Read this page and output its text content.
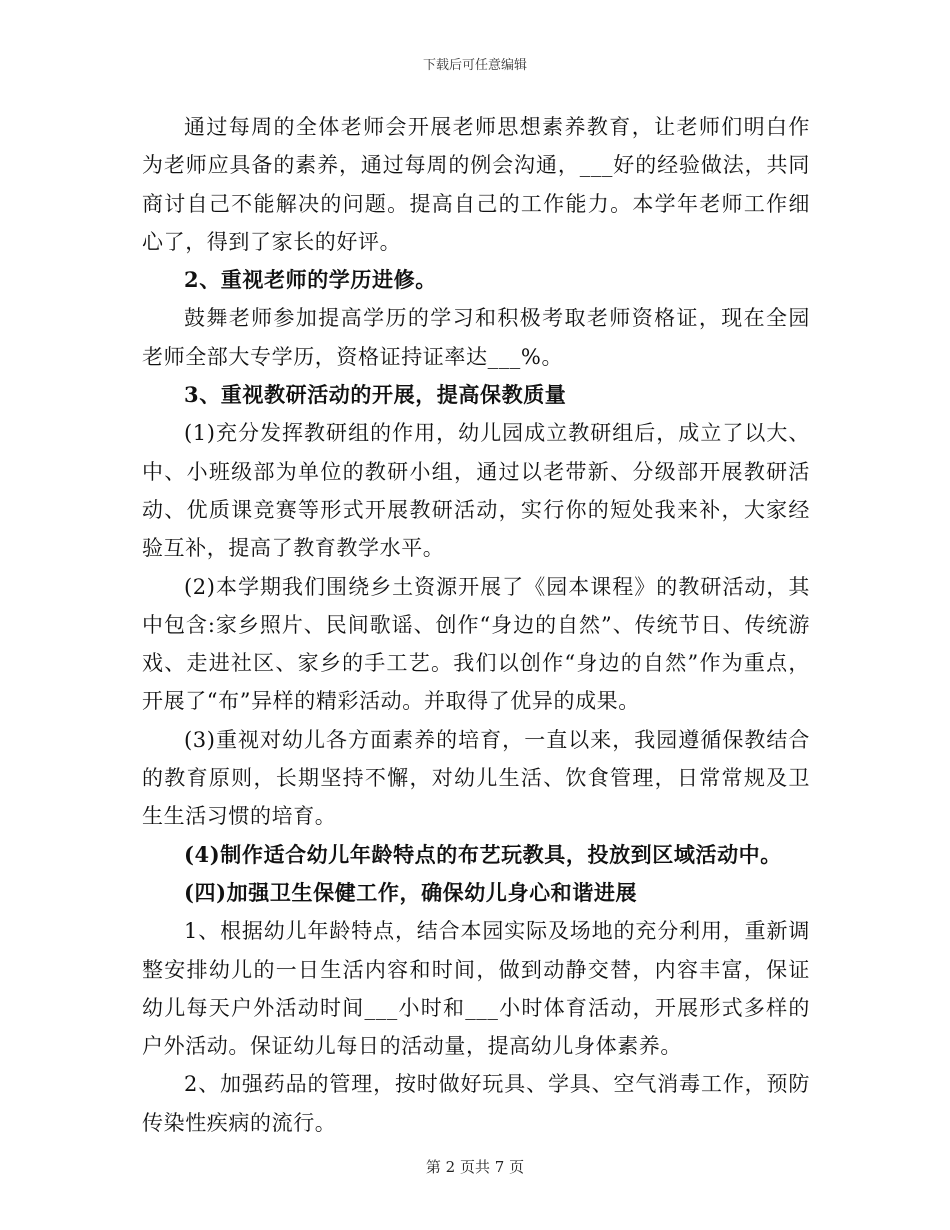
下载后可任意编辑

通过每周的全体老师会开展老师思想素养教育，让老师们明白作为老师应具备的素养，通过每周的例会沟通，___好的经验做法，共同商讨自己不能解决的问题。提高自己的工作能力。本学年老师工作细心了，得到了家长的好评。

2、重视老师的学历进修。

鼓舞老师参加提高学历的学习和积极考取老师资格证，现在全园老师全部大专学历，资格证持证率达___%。

3、重视教研活动的开展，提高保教质量

(1)充分发挥教研组的作用，幼儿园成立教研组后，成立了以大、中、小班级部为单位的教研小组，通过以老带新、分级部开展教研活动、优质课竞赛等形式开展教研活动，实行你的短处我来补，大家经验互补，提高了教育教学水平。

(2)本学期我们围绕乡土资源开展了《园本课程》的教研活动，其中包含:家乡照片、民间歌谣、创作“身边的自然”、传统节日、传统游戏、走进社区、家乡的手工艺。我们以创作“身边的自然”作为重点，开展了“布”异样的精彩活动。并取得了优异的成果。

(3)重视对幼儿各方面素养的培育，一直以来，我园遵循保教结合的教育原则，长期坚持不懈，对幼儿生活、饮食管理，日常常规及卫生生活习惯的培育。

(4)制作适合幼儿年龄特点的布艺玩教具，投放到区域活动中。

(四)加强卫生保健工作，确保幼儿身心和谐进展

1、根据幼儿年龄特点，结合本园实际及场地的充分利用，重新调整安排幼儿的一日生活内容和时间，做到动静交替，内容丰富，保证幼儿每天户外活动时间___小时和___小时体育活动，开展形式多样的户外活动。保证幼儿每日的活动量，提高幼儿身体素养。

2、加强药品的管理，按时做好玩具、学具、空气消毒工作，预防传染性疾病的流行。

第 2 页共 7 页
